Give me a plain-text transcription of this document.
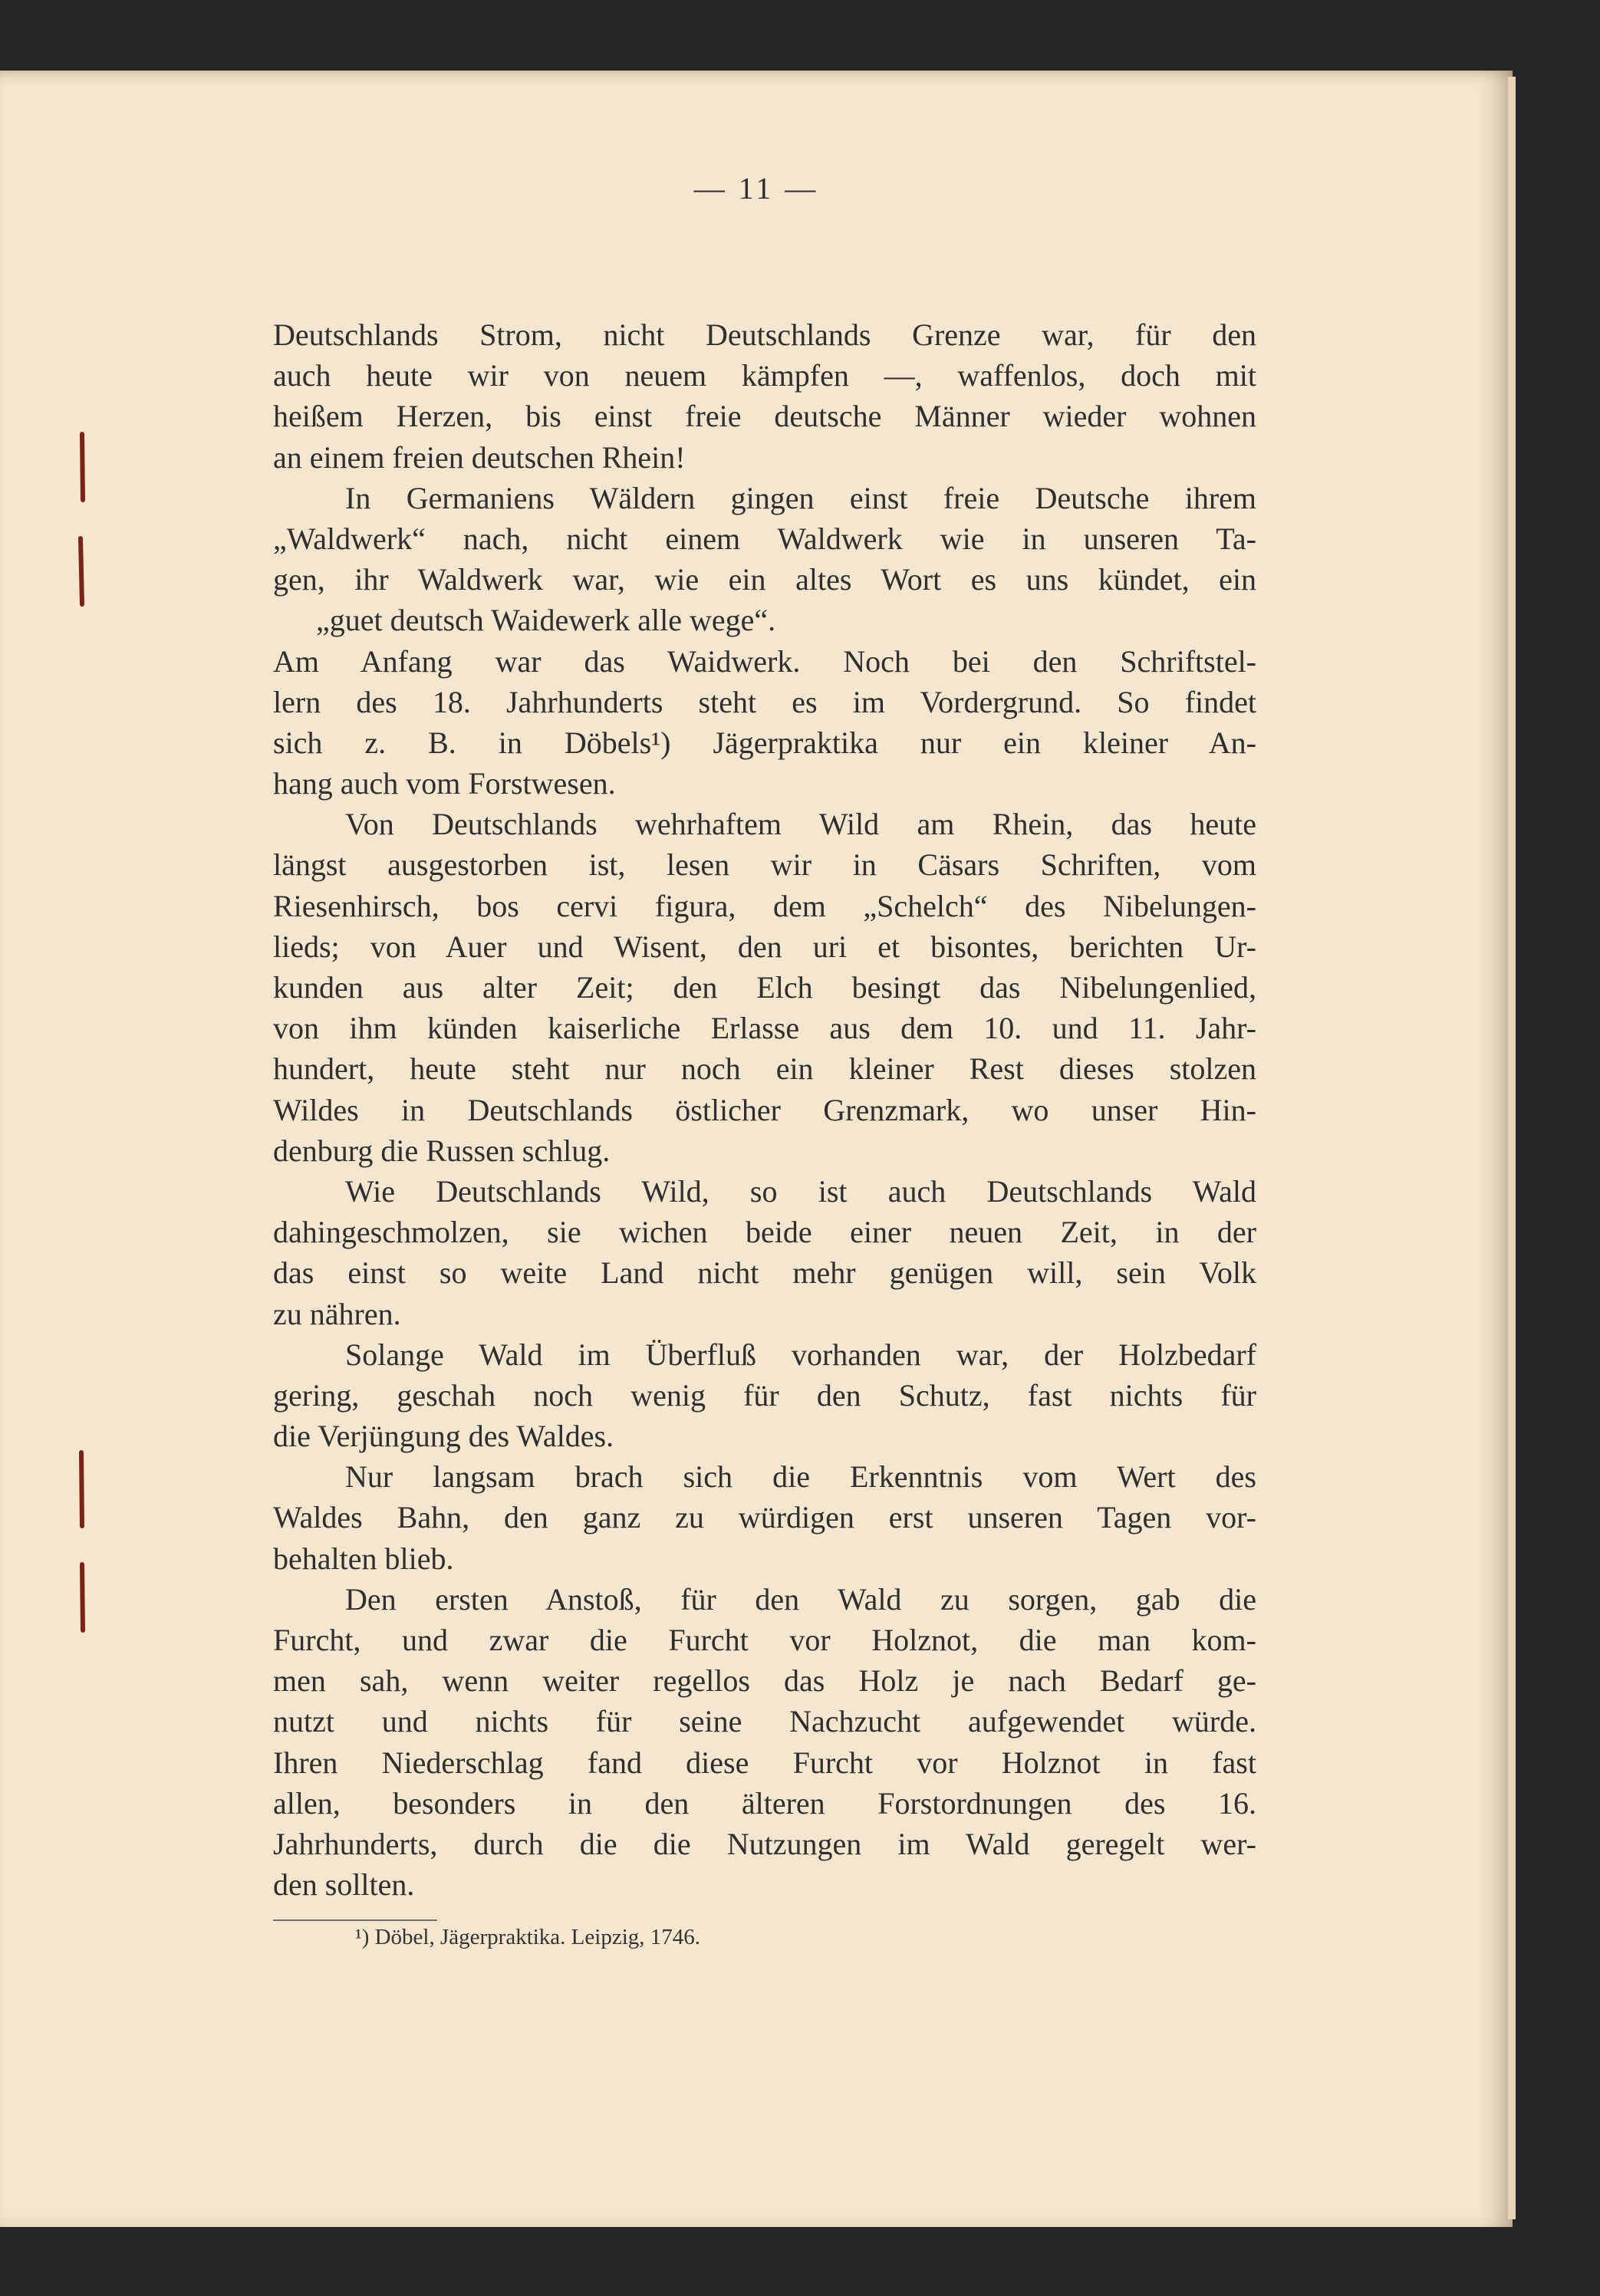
— 11 —
Deutschlands Strom, nicht Deutschlands Grenze war, für den
auch heute wir von neuem kämpfen —, waffenlos, doch mit
heißem Herzen, bis einst freie deutsche Männer wieder wohnen
an einem freien deutschen Rhein!
In Germaniens Wäldern gingen einst freie Deutsche ihrem
„Waldwerk“ nach, nicht einem Waldwerk wie in unseren Ta-
gen, ihr Waldwerk war, wie ein altes Wort es uns kündet, ein
„guet deutsch Waidewerk alle wege“.
Am Anfang war das Waidwerk. Noch bei den Schriftstel-
lern des 18. Jahrhunderts steht es im Vordergrund. So findet
sich z. B. in Döbels¹) Jägerpraktika nur ein kleiner An-
hang auch vom Forstwesen.
Von Deutschlands wehrhaftem Wild am Rhein, das heute
längst ausgestorben ist, lesen wir in Cäsars Schriften, vom
Riesenhirsch, bos cervi figura, dem „Schelch“ des Nibelungen-
lieds; von Auer und Wisent, den uri et bisontes, berichten Ur-
kunden aus alter Zeit; den Elch besingt das Nibelungenlied,
von ihm künden kaiserliche Erlasse aus dem 10. und 11. Jahr-
hundert, heute steht nur noch ein kleiner Rest dieses stolzen
Wildes in Deutschlands östlicher Grenzmark, wo unser Hin-
denburg die Russen schlug.
Wie Deutschlands Wild, so ist auch Deutschlands Wald
dahingeschmolzen, sie wichen beide einer neuen Zeit, in der
das einst so weite Land nicht mehr genügen will, sein Volk
zu nähren.
Solange Wald im Überfluß vorhanden war, der Holzbedarf
gering, geschah noch wenig für den Schutz, fast nichts für
die Verjüngung des Waldes.
Nur langsam brach sich die Erkenntnis vom Wert des
Waldes Bahn, den ganz zu würdigen erst unseren Tagen vor-
behalten blieb.
Den ersten Anstoß, für den Wald zu sorgen, gab die
Furcht, und zwar die Furcht vor Holznot, die man kom-
men sah, wenn weiter regellos das Holz je nach Bedarf ge-
nutzt und nichts für seine Nachzucht aufgewendet würde.
Ihren Niederschlag fand diese Furcht vor Holznot in fast
allen, besonders in den älteren Forstordnungen des 16.
Jahrhunderts, durch die die Nutzungen im Wald geregelt wer-
den sollten.
¹) Döbel, Jägerpraktika. Leipzig, 1746.
